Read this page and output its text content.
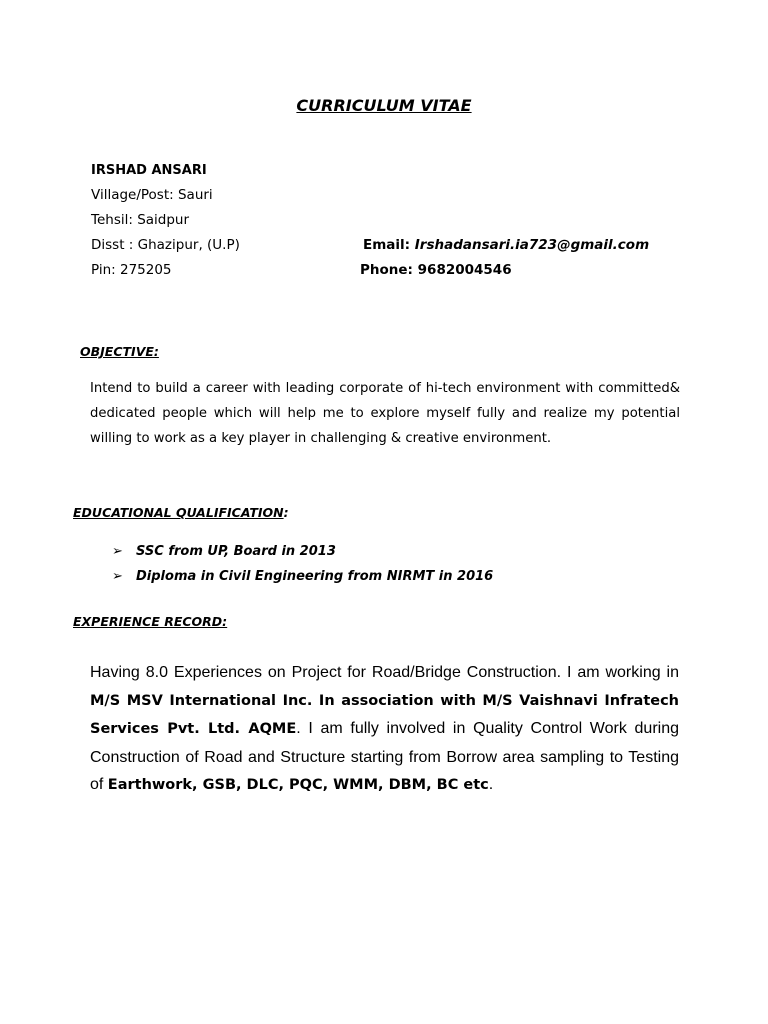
CURRICULUM VITAE
IRSHAD ANSARI
Village/Post: Sauri
Tehsil: Saidpur
Disst : Ghazipur, (U.P)
Pin: 275205
Email: Irshadansari.ia723@gmail.com
Phone: 9682004546
OBJECTIVE:
Intend to build a career with leading corporate of hi-tech environment with committed& dedicated people which will help me to explore myself fully and realize my potential willing to work as a key player in challenging & creative environment.
EDUCATIONAL QUALIFICATION:
➢ SSC from UP, Board in 2013
➢ Diploma in Civil Engineering from NIRMT in 2016
EXPERIENCE RECORD:
Having 8.0 Experiences on Project for Road/Bridge Construction. I am working in M/S MSV International Inc. In association with M/S Vaishnavi Infratech Services Pvt. Ltd. AQME. I am fully involved in Quality Control Work during Construction of Road and Structure starting from Borrow area sampling to Testing of Earthwork, GSB, DLC, PQC, WMM, DBM, BC etc.
